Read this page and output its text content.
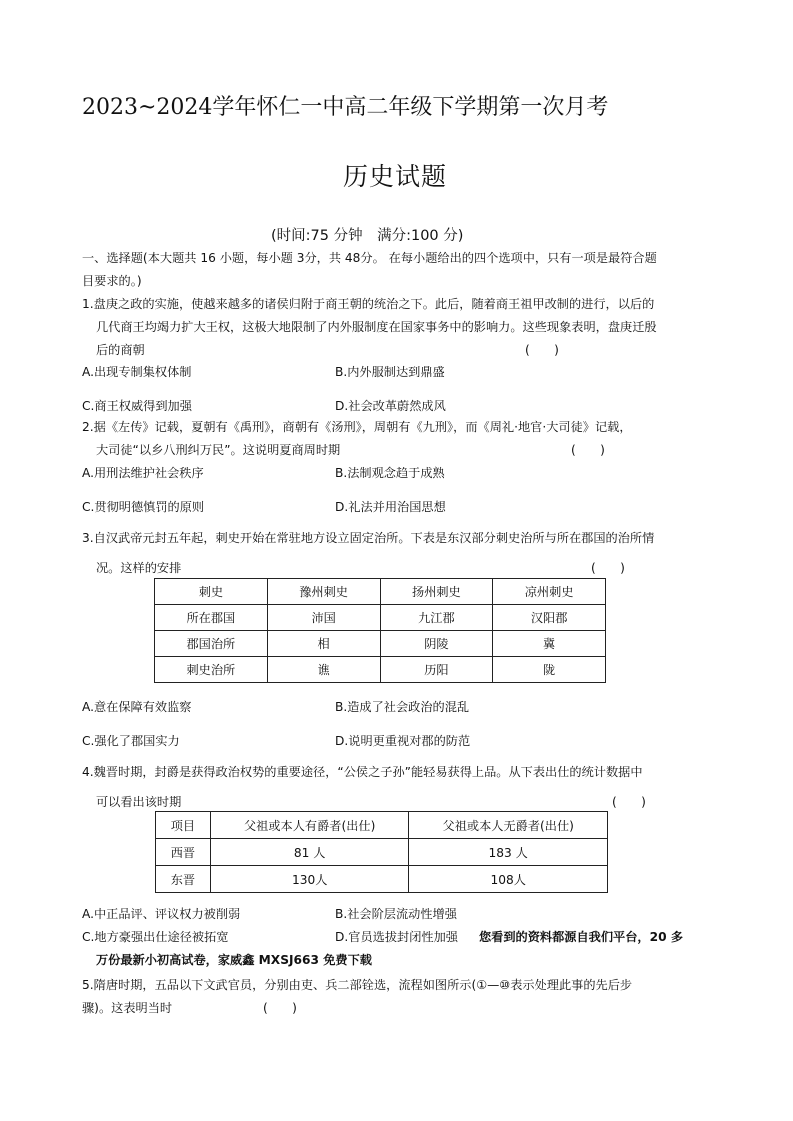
2023~2024学年怀仁一中高二年级下学期第一次月考
历史试题
(时间:75 分钟　满分:100 分)
一、选择题(本大题共 16 小题，每小题 3分，共 48分。 在每小题给出的四个选项中，只有一项是最符合题
目要求的。)
1.盘庚之政的实施，使越来越多的诸侯归附于商王朝的统治之下。此后，随着商王祖甲改制的进行，以后的
几代商王均竭力扩大王权，这极大地限制了内外服制度在国家事务中的影响力。这些现象表明，盘庚迁殷
后的商朝	(　　)
A.出现专制集权体制	B.内外服制达到鼎盛
C.商王权威得到加强	D.社会改革蔚然成风
2.据《左传》记载，夏朝有《禹刑》，商朝有《汤刑》，周朝有《九刑》，而《周礼·地官·大司徒》记载，
大司徒“以乡八刑纠万民”。这说明夏商周时期	(　　)
A.用刑法维护社会秩序	B.法制观念趋于成熟
C.贯彻明德慎罚的原则	D.礼法并用治国思想
3.自汉武帝元封五年起，刺史开始在常驻地方设立固定治所。下表是东汉部分刺史治所与所在郡国的治所情
况。这样的安排	(　　)
刺史	豫州刺史	扬州刺史	凉州刺史
所在郡国	沛国	九江郡	汉阳郡
郡国治所	相	阴陵	冀
刺史治所	谯	历阳	陇
A.意在保障有效监察	B.造成了社会政治的混乱
C.强化了郡国实力	D.说明更重视对郡的防范
4.魏晋时期，封爵是获得政治权势的重要途径，“公侯之子孙”能轻易获得上品。从下表出仕的统计数据中
可以看出该时期	(　　)
项目	父祖或本人有爵者(出仕)	父祖或本人无爵者(出仕)
西晋	81 人	183 人
东晋	130人	108人
A.中正品评、评议权力被削弱	B.社会阶层流动性增强
C.地方豪强出仕途径被拓宽	D.官员选拔封闭性加强 您看到的资料都源自我们平台，20 多
万份最新小初高试卷，家威鑫 MXSJ663 免费下载
5.隋唐时期，五品以下文武官员，分别由吏、兵二部铨选，流程如图所示(①—⑩表示处理此事的先后步
骤)。这表明当时	(　　)
